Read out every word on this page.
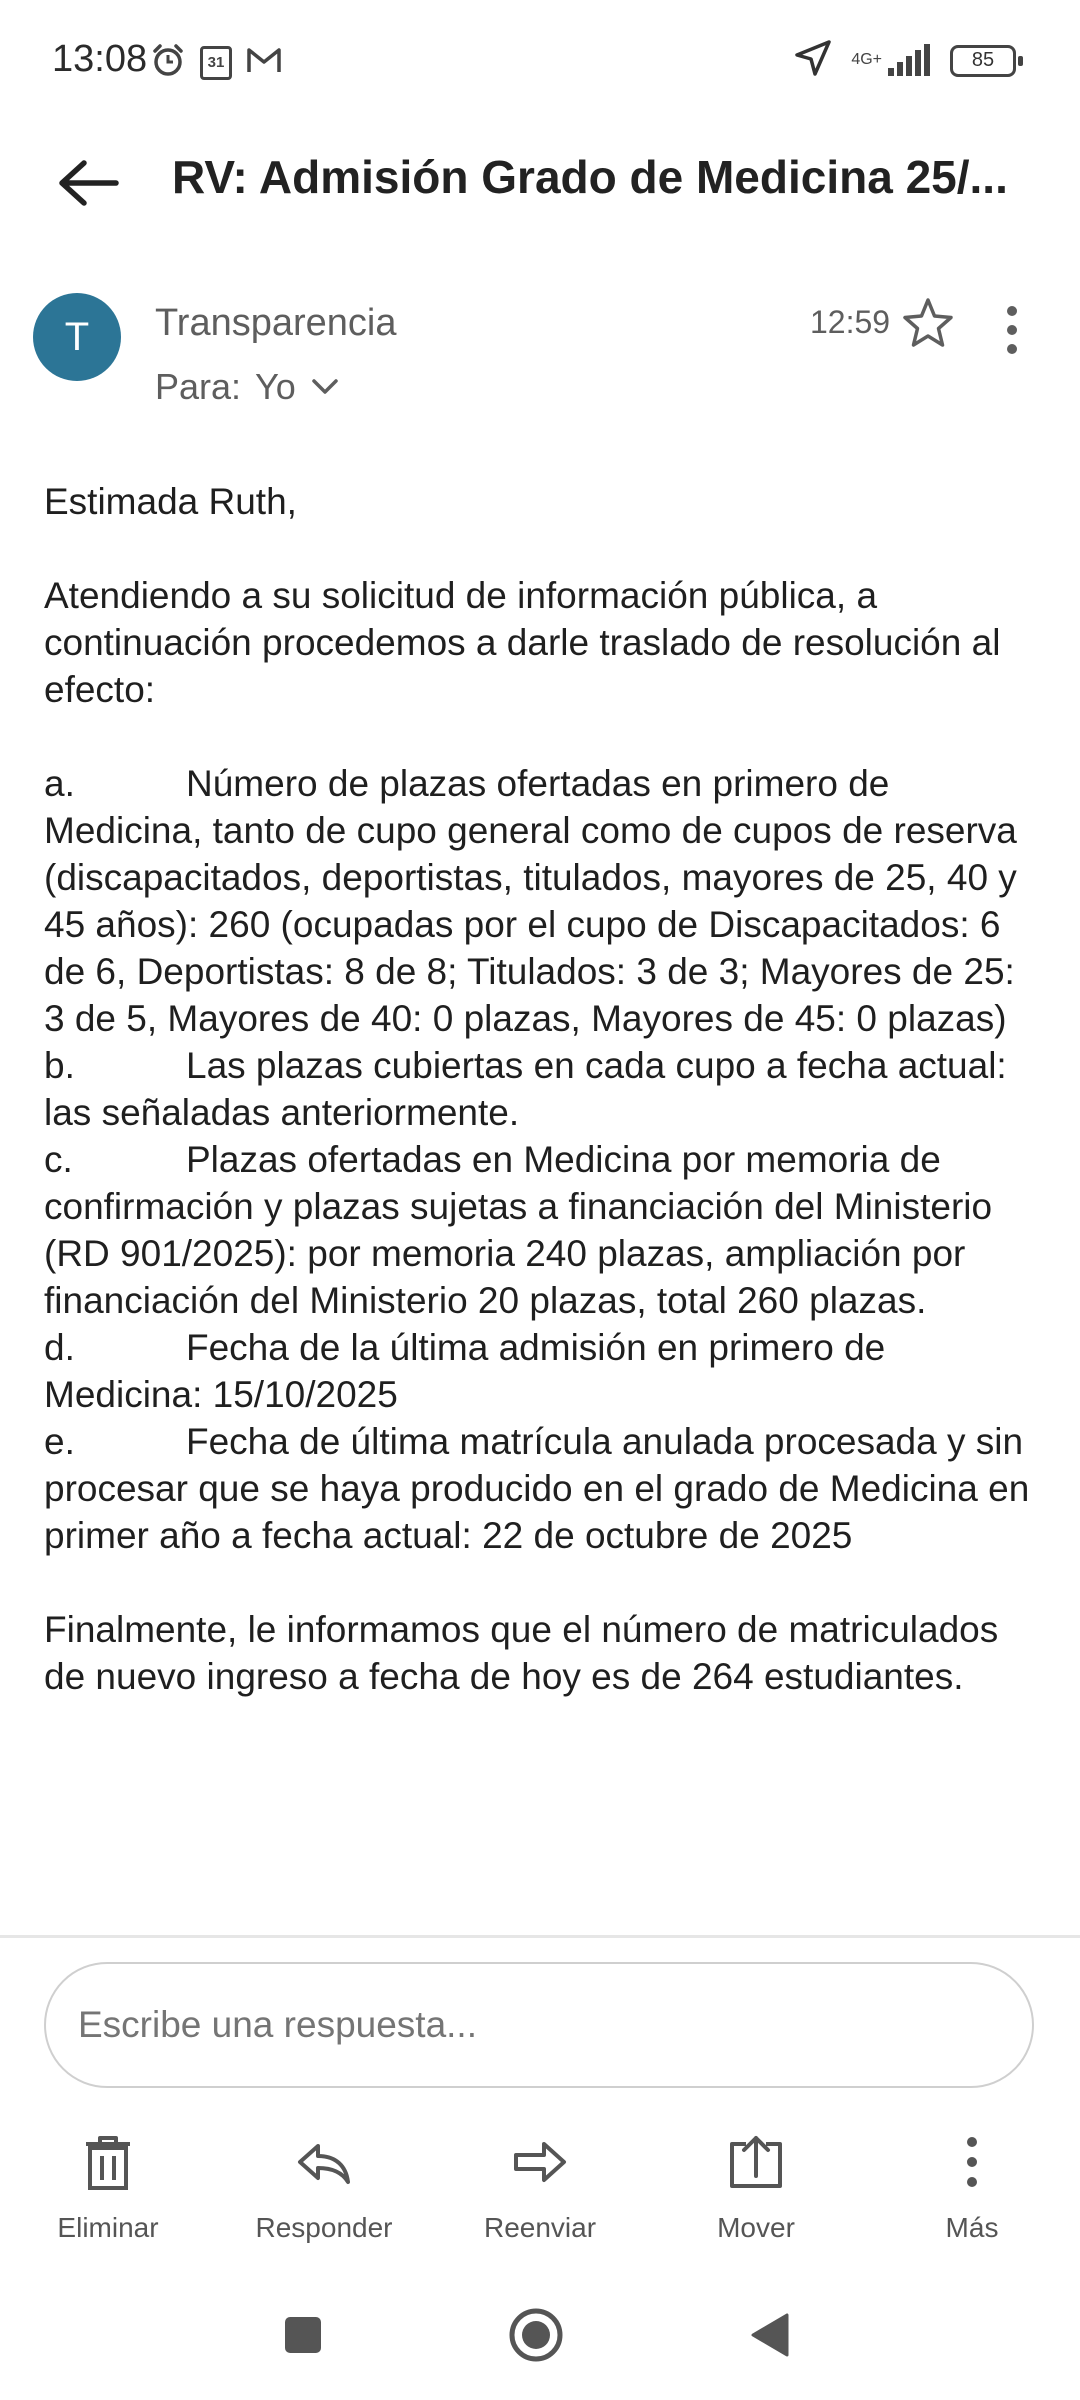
13:08	31	4G+	85
RV: Admisión Grado de Medicina 25/...
T Transparencia
Para: Yo
12:59

Estimada Ruth,

Atendiendo a su solicitud de información pública, a continuación procedemos a darle traslado de resolución al efecto:

a.	Número de plazas ofertadas en primero de Medicina, tanto de cupo general como de cupos de reserva (discapacitados, deportistas, titulados, mayores de 25, 40 y 45 años): 260 (ocupadas por el cupo de Discapacitados: 6 de 6, Deportistas: 8 de 8; Titulados: 3 de 3; Mayores de 25: 3 de 5, Mayores de 40: 0 plazas, Mayores de 45: 0 plazas)

b.	Las plazas cubiertas en cada cupo a fecha actual: las señaladas anteriormente.

c.	Plazas ofertadas en Medicina por memoria de confirmación y plazas sujetas a financiación del Ministerio (RD 901/2025): por memoria 240 plazas, ampliación por financiación del Ministerio 20 plazas, total 260 plazas.

d.	Fecha de la última admisión en primero de Medicina: 15/10/2025

e.	Fecha de última matrícula anulada procesada y sin procesar que se haya producido en el grado de Medicina en primer año a fecha actual: 22 de octubre de 2025

Finalmente, le informamos que el número de matriculados de nuevo ingreso a fecha de hoy es de 264 estudiantes.

Escribe una respuesta...
Eliminar	Responder	Reenviar	Mover	Más
